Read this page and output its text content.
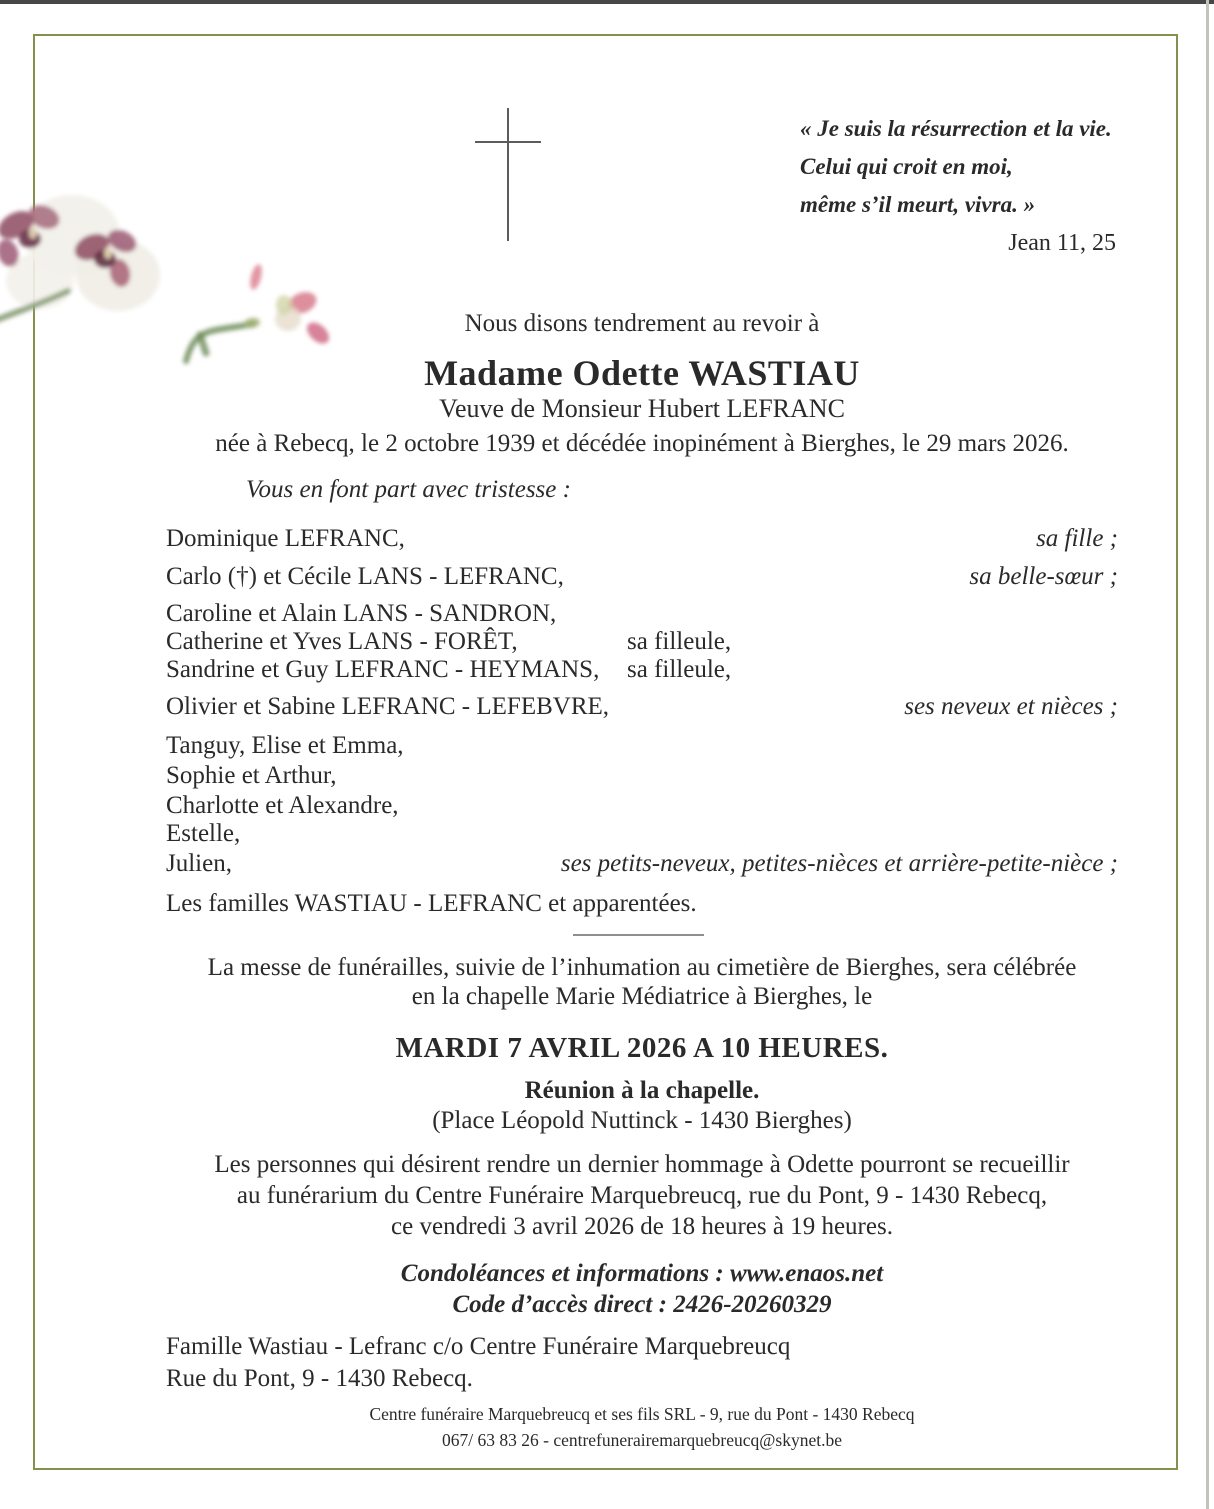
« Je suis la résurrection et la vie.
Celui qui croit en moi,
même s’il meurt, vivra. »
Jean 11, 25
Nous disons tendrement au revoir à
Madame Odette WASTIAU
Veuve de Monsieur Hubert LEFRANC
née à Rebecq, le 2 octobre 1939 et décédée inopinément à Bierghes, le 29 mars 2026.
Vous en font part avec tristesse :
Dominique LEFRANC,	sa fille ;
Carlo (†) et Cécile LANS - LEFRANC,	sa belle-sœur ;
Caroline et Alain LANS - SANDRON,
Catherine et Yves LANS - FORÊT,	sa filleule,
Sandrine et Guy LEFRANC - HEYMANS, sa filleule,
Olivier et Sabine LEFRANC - LEFEBVRE,	ses neveux et nièces ;
Tanguy, Elise et Emma,
Sophie et Arthur,
Charlotte et Alexandre,
Estelle,
Julien,	ses petits-neveux, petites-nièces et arrière-petite-nièce ;
Les familles WASTIAU - LEFRANC et apparentées.
La messe de funérailles, suivie de l’inhumation au cimetière de Bierghes, sera célébrée
en la chapelle Marie Médiatrice à Bierghes, le
MARDI 7 AVRIL 2026 A 10 HEURES.
Réunion à la chapelle.
(Place Léopold Nuttinck - 1430 Bierghes)
Les personnes qui désirent rendre un dernier hommage à Odette pourront se recueillir
au funérarium du Centre Funéraire Marquebreucq, rue du Pont, 9 - 1430 Rebecq,
ce vendredi 3 avril 2026 de 18 heures à 19 heures.
Condoléances et informations : www.enaos.net
Code d’accès direct : 2426-20260329
Famille Wastiau - Lefranc c/o Centre Funéraire Marquebreucq
Rue du Pont, 9 - 1430 Rebecq.
Centre funéraire Marquebreucq et ses fils SRL - 9, rue du Pont - 1430 Rebecq
067/ 63 83 26 - centrefunerairemarquebreucq@skynet.be
